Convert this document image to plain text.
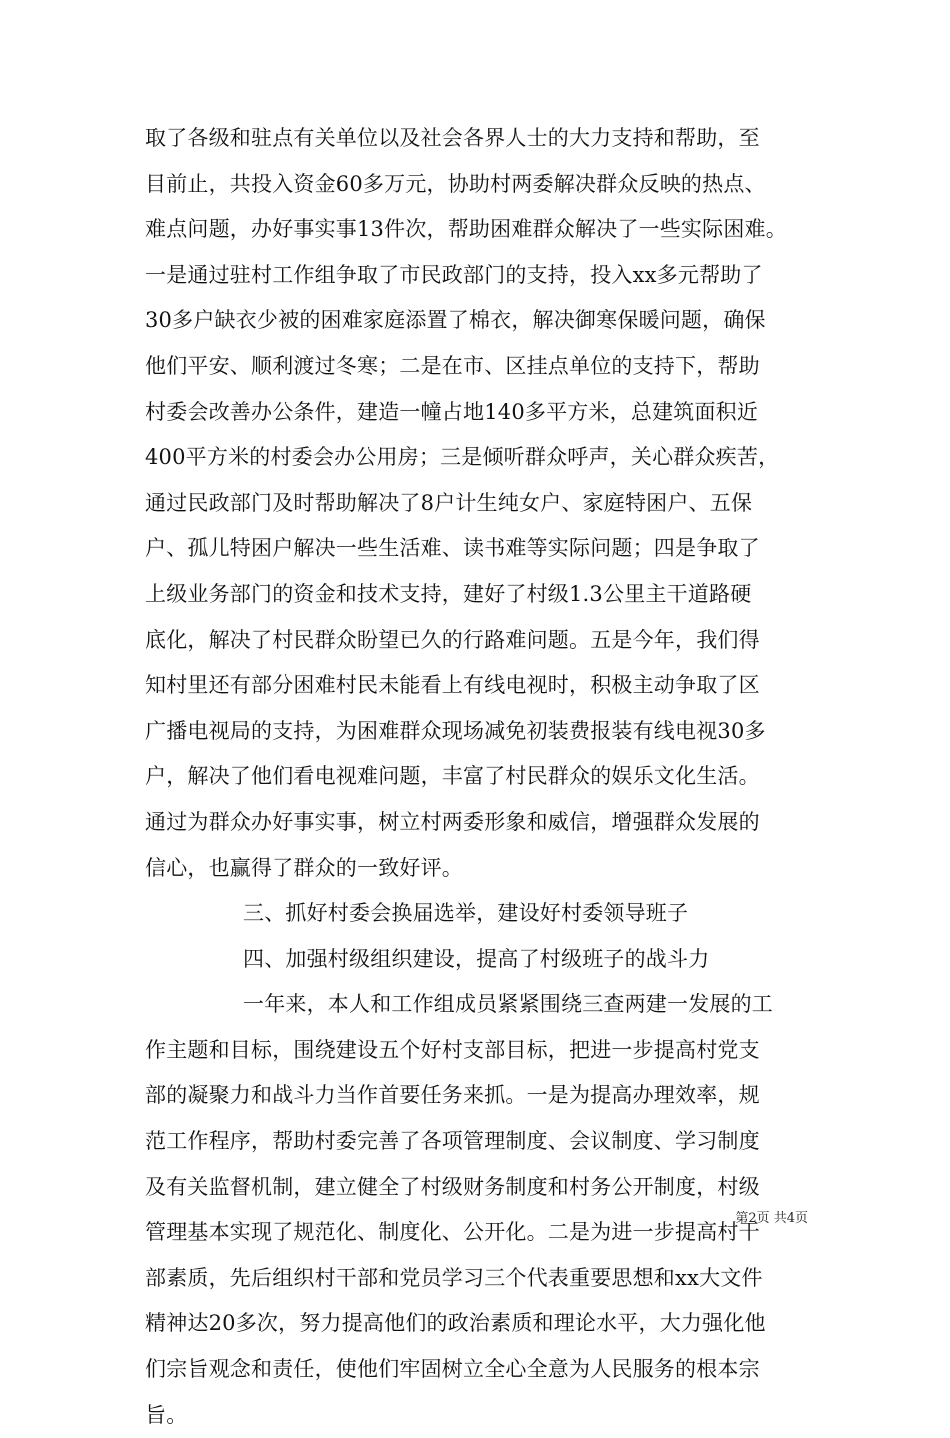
取了各级和驻点有关单位以及社会各界人士的大力支持和帮助，至
目前止，共投入资金60多万元，协助村两委解决群众反映的热点、
难点问题，办好事实事13件次，帮助困难群众解决了一些实际困难。
一是通过驻村工作组争取了市民政部门的支持，投入xx多元帮助了
30多户缺衣少被的困难家庭添置了棉衣，解决御寒保暖问题，确保
他们平安、顺利渡过冬寒；二是在市、区挂点单位的支持下，帮助
村委会改善办公条件，建造一幢占地140多平方米，总建筑面积近
400平方米的村委会办公用房；三是倾听群众呼声，关心群众疾苦，
通过民政部门及时帮助解决了8户计生纯女户、家庭特困户、五保
户、孤儿特困户解决一些生活难、读书难等实际问题；四是争取了
上级业务部门的资金和技术支持，建好了村级1.3公里主干道路硬
底化，解决了村民群众盼望已久的行路难问题。五是今年，我们得
知村里还有部分困难村民未能看上有线电视时，积极主动争取了区
广播电视局的支持，为困难群众现场减免初装费报装有线电视30多
户，解决了他们看电视难问题，丰富了村民群众的娱乐文化生活。
通过为群众办好事实事，树立村两委形象和威信，增强群众发展的
信心，也赢得了群众的一致好评。
三、抓好村委会换届选举，建设好村委领导班子
四、加强村级组织建设，提高了村级班子的战斗力
一年来，本人和工作组成员紧紧围绕三查两建一发展的工
作主题和目标，围绕建设五个好村支部目标，把进一步提高村党支
部的凝聚力和战斗力当作首要任务来抓。一是为提高办理效率，规
范工作程序，帮助村委完善了各项管理制度、会议制度、学习制度
及有关监督机制，建立健全了村级财务制度和村务公开制度，村级
管理基本实现了规范化、制度化、公开化。二是为进一步提高村干
部素质，先后组织村干部和党员学习三个代表重要思想和xx大文件
精神达20多次，努力提高他们的政治素质和理论水平，大力强化他
们宗旨观念和责任，使他们牢固树立全心全意为人民服务的根本宗
旨。
第2页 共4页
